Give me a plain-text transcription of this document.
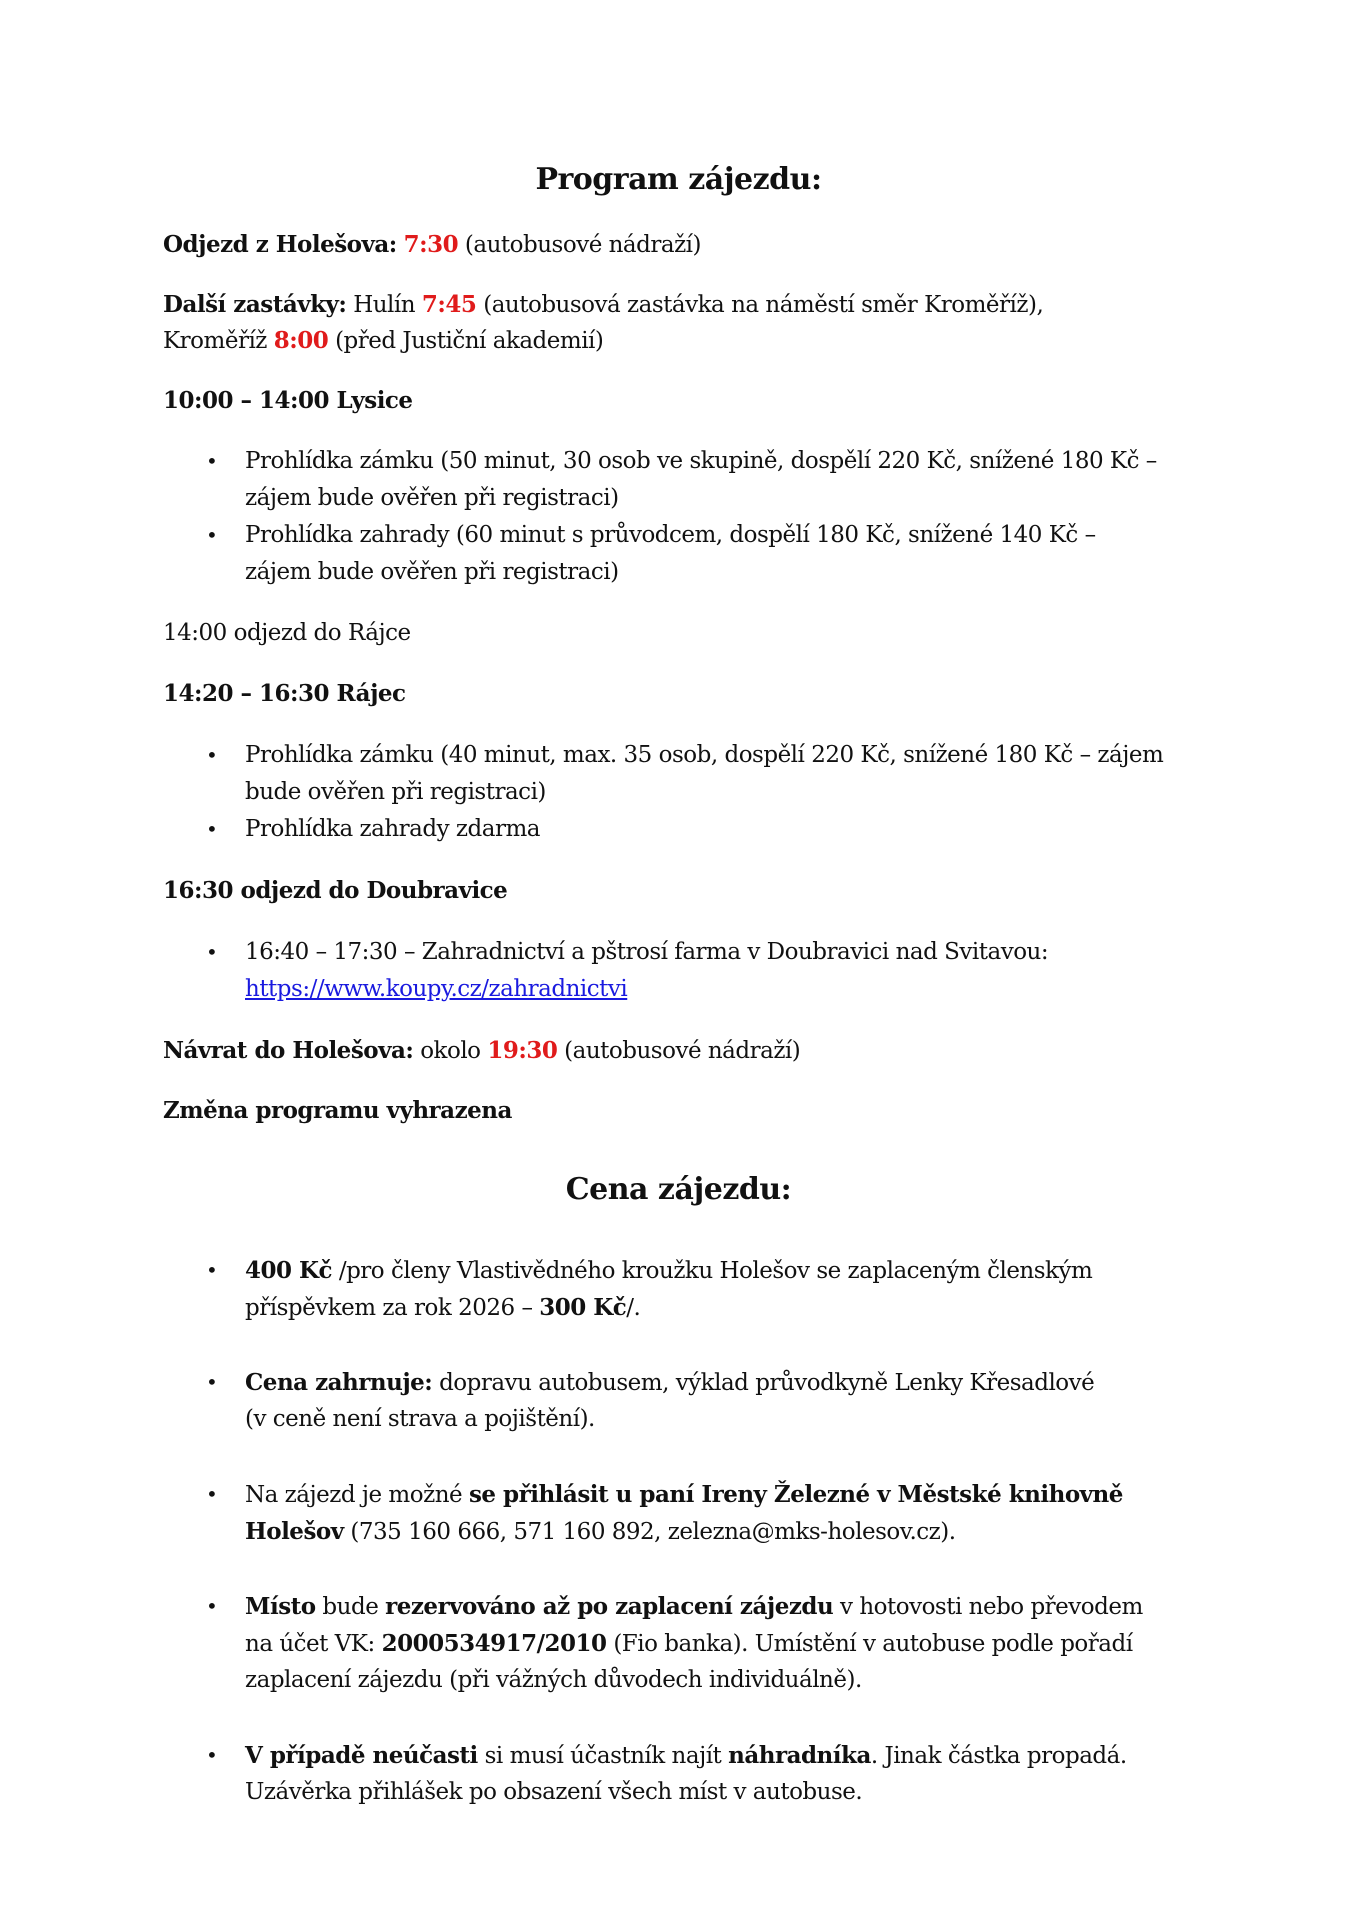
Program zájezdu:
Odjezd z Holešova: 7:30 (autobusové nádraží)
Další zastávky: Hulín 7:45 (autobusová zastávka na náměstí směr Kroměříž),
Kroměříž 8:00 (před Justiční akademií)
10:00 – 14:00 Lysice
• Prohlídka zámku (50 minut, 30 osob ve skupině, dospělí 220 Kč, snížené 180 Kč –
zájem bude ověřen při registraci)
• Prohlídka zahrady (60 minut s průvodcem, dospělí 180 Kč, snížené 140 Kč –
zájem bude ověřen při registraci)
14:00 odjezd do Rájce
14:20 – 16:30 Rájec
• Prohlídka zámku (40 minut, max. 35 osob, dospělí 220 Kč, snížené 180 Kč – zájem
bude ověřen při registraci)
• Prohlídka zahrady zdarma
16:30 odjezd do Doubravice
• 16:40 – 17:30 – Zahradnictví a pštrosí farma v Doubravici nad Svitavou:
https://www.koupy.cz/zahradnictvi
Návrat do Holešova: okolo 19:30 (autobusové nádraží)
Změna programu vyhrazena
Cena zájezdu:
• 400 Kč /pro členy Vlastivědného kroužku Holešov se zaplaceným členským
příspěvkem za rok 2026 – 300 Kč/.
• Cena zahrnuje: dopravu autobusem, výklad průvodkyně Lenky Křesadlové
(v ceně není strava a pojištění).
• Na zájezd je možné se přihlásit u paní Ireny Železné v Městské knihovně
Holešov (735 160 666, 571 160 892, zelezna@mks-holesov.cz).
• Místo bude rezervováno až po zaplacení zájezdu v hotovosti nebo převodem
na účet VK: 2000534917/2010 (Fio banka). Umístění v autobuse podle pořadí
zaplacení zájezdu (při vážných důvodech individuálně).
• V případě neúčasti si musí účastník najít náhradníka. Jinak částka propadá.
Uzávěrka přihlášek po obsazení všech míst v autobuse.
